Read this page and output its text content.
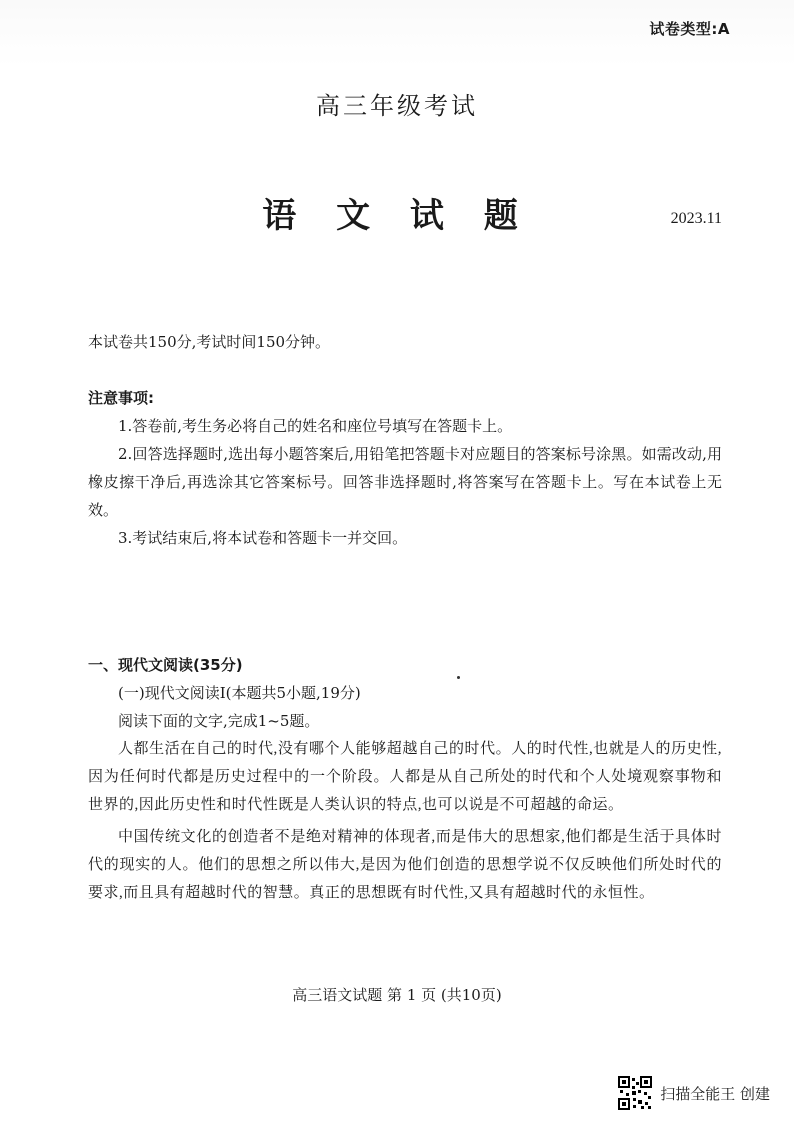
试卷类型:A
高三年级考试
语 文 试 题	2023.11
本试卷共150分,考试时间150分钟。
注意事项:

1.答卷前,考生务必将自己的姓名和座位号填写在答题卡上。

2.回答选择题时,选出每小题答案后,用铅笔把答题卡对应题目的答案标号涂黑。如需改动,用橡皮擦干净后,再选涂其它答案标号。回答非选择题时,将答案写在答题卡上。写在本试卷上无效。

3.考试结束后,将本试卷和答题卡一并交回。

一、现代文阅读(35分)
(一)现代文阅读Ⅰ(本题共5小题,19分)
阅读下面的文字,完成1~5题。

人都生活在自己的时代,没有哪个人能够超越自己的时代。人的时代性,也就是人的历史性,因为任何时代都是历史过程中的一个阶段。人都是从自己所处的时代和个人处境观察事物和世界的,因此历史性和时代性既是人类认识的特点,也可以说是不可超越的命运。

中国传统文化的创造者不是绝对精神的体现者,而是伟大的思想家,他们都是生活于具体时代的现实的人。他们的思想之所以伟大,是因为他们创造的思想学说不仅反映他们所处时代的要求,而且具有超越时代的智慧。真正的思想既有时代性,又具有超越时代的永恒性。

高三语文试题 第 1 页 (共10页)
扫描全能王 创建
